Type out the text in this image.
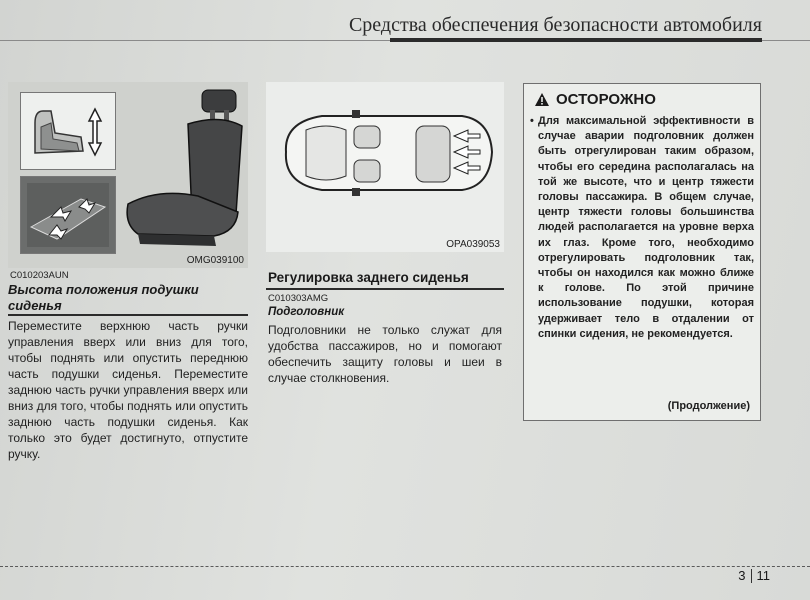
Средства обеспечения безопасности автомобиля
OMG039100
C010203AUN
Высота положения подушки сиденья
Переместите верхнюю часть ручки управления вверх или вниз для того, чтобы поднять или опустить переднюю часть подушки сиденья. Переместите заднюю часть ручки управления вверх или вниз для того, чтобы поднять или опустить заднюю часть подушки сиденья. Как только это будет достигнуто, отпустите ручку.
OPA039053
Регулировка заднего сиденья
C010303AMG
Подголовник
Подголовники не только служат для удобства пассажиров, но и помогают обеспечить защиту головы и шеи в случае столкновения.
ОСТОРОЖНО
• Для максимальной эффективности в случае аварии подголовник должен быть отрегулирован таким образом, чтобы его середина располагалась на той же высоте, что и центр тяжести головы пассажира. В общем случае, центр тяжести головы большинства людей располагается на уровне верха их глаз. Кроме того, необходимо отрегулировать подголовник так, чтобы он находился как можно ближе к голове. По этой причине использование подушки, которая удерживает тело в отдалении от спинки сидения, не рекомендуется.
(Продолжение)
3 11
